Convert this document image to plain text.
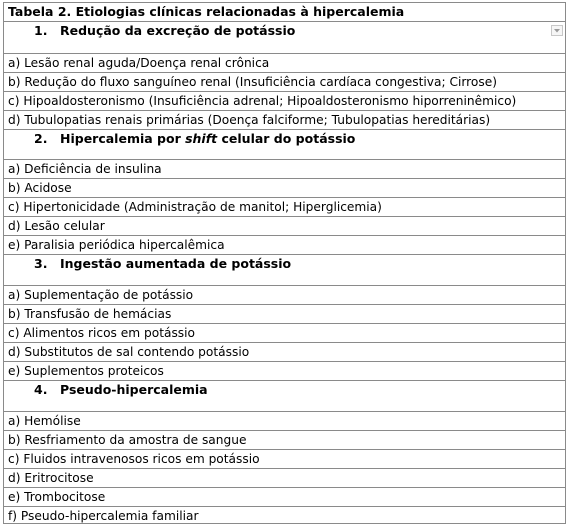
Tabela 2. Etiologias clínicas relacionadas à hipercalemia
1. Redução da excreção de potássio
a) Lesão renal aguda/Doença renal crônica
b) Redução do fluxo sanguíneo renal (Insuficiência cardíaca congestiva; Cirrose)
c) Hipoaldosteronismo (Insuficiência adrenal; Hipoaldosteronismo hiporreninêmico)
d) Tubulopatias renais primárias (Doença falciforme; Tubulopatias hereditárias)
2. Hipercalemia por shift celular do potássio
a) Deficiência de insulina
b) Acidose
c) Hipertonicidade (Administração de manitol; Hiperglicemia)
d) Lesão celular
e) Paralisia periódica hipercalêmica
3. Ingestão aumentada de potássio
a) Suplementação de potássio
b) Transfusão de hemácias
c) Alimentos ricos em potássio
d) Substitutos de sal contendo potássio
e) Suplementos proteicos
4. Pseudo-hipercalemia
a) Hemólise
b) Resfriamento da amostra de sangue
c) Fluidos intravenosos ricos em potássio
d) Eritrocitose
e) Trombocitose
f) Pseudo-hipercalemia familiar
